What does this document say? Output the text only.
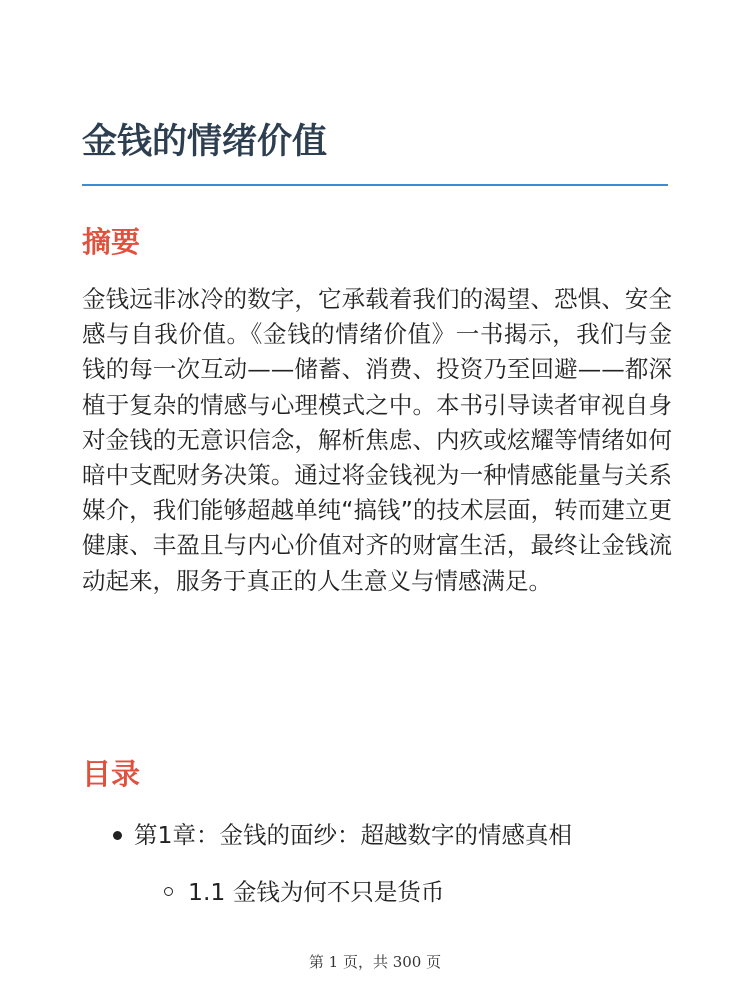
金钱的情绪价值
摘要

金钱远非冰冷的数字，它承载着我们的渴望、恐惧、安全感与自我价值。《金钱的情绪价值》一书揭示，我们与金钱的每一次互动——储蓄、消费、投资乃至回避——都深植于复杂的情感与心理模式之中。本书引导读者审视自身对金钱的无意识信念，解析焦虑、内疚或炫耀等情绪如何暗中支配财务决策。通过将金钱视为一种情感能量与关系媒介，我们能够超越单纯“搞钱”的技术层面，转而建立更健康、丰盈且与内心价值对齐的财富生活，最终让金钱流动起来，服务于真正的人生意义与情感满足。

目录

第1章：金钱的面纱：超越数字的情感真相

1.1 金钱为何不只是货币

第 1 页，共 300 页
